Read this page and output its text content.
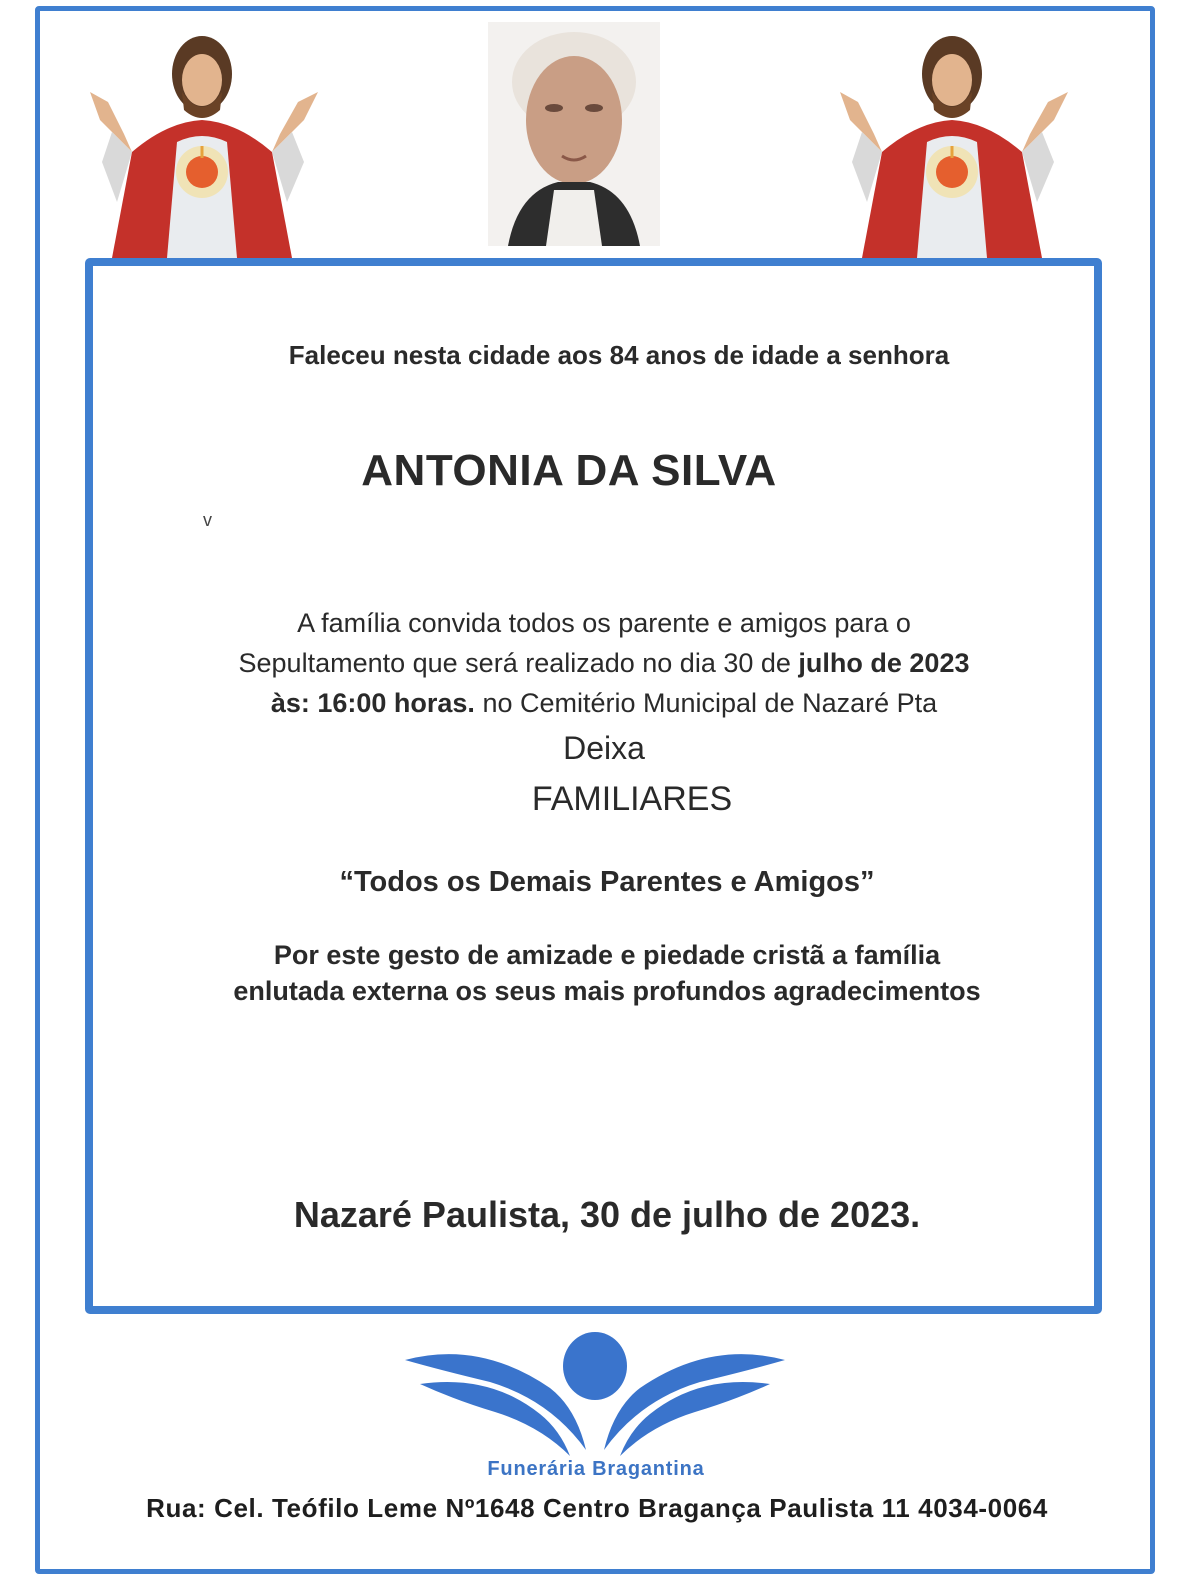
Faleceu nesta cidade aos 84 anos de idade a senhora

ANTONIA DA SILVA

v

A família convida todos os parente e amigos para o

Sepultamento que será realizado no dia 30 de julho de 2023

às: 16:00 horas. no Cemitério Municipal de Nazaré Pta

Deixa

FAMILIARES

“Todos os Demais Parentes e Amigos”

Por este gesto de amizade e piedade cristã a família

enlutada externa os seus mais profundos agradecimentos

Nazaré Paulista, 30 de julho de 2023.

Funerária Bragantina

Rua: Cel. Teófilo Leme Nº1648 Centro Bragança Paulista 11 4034-0064
